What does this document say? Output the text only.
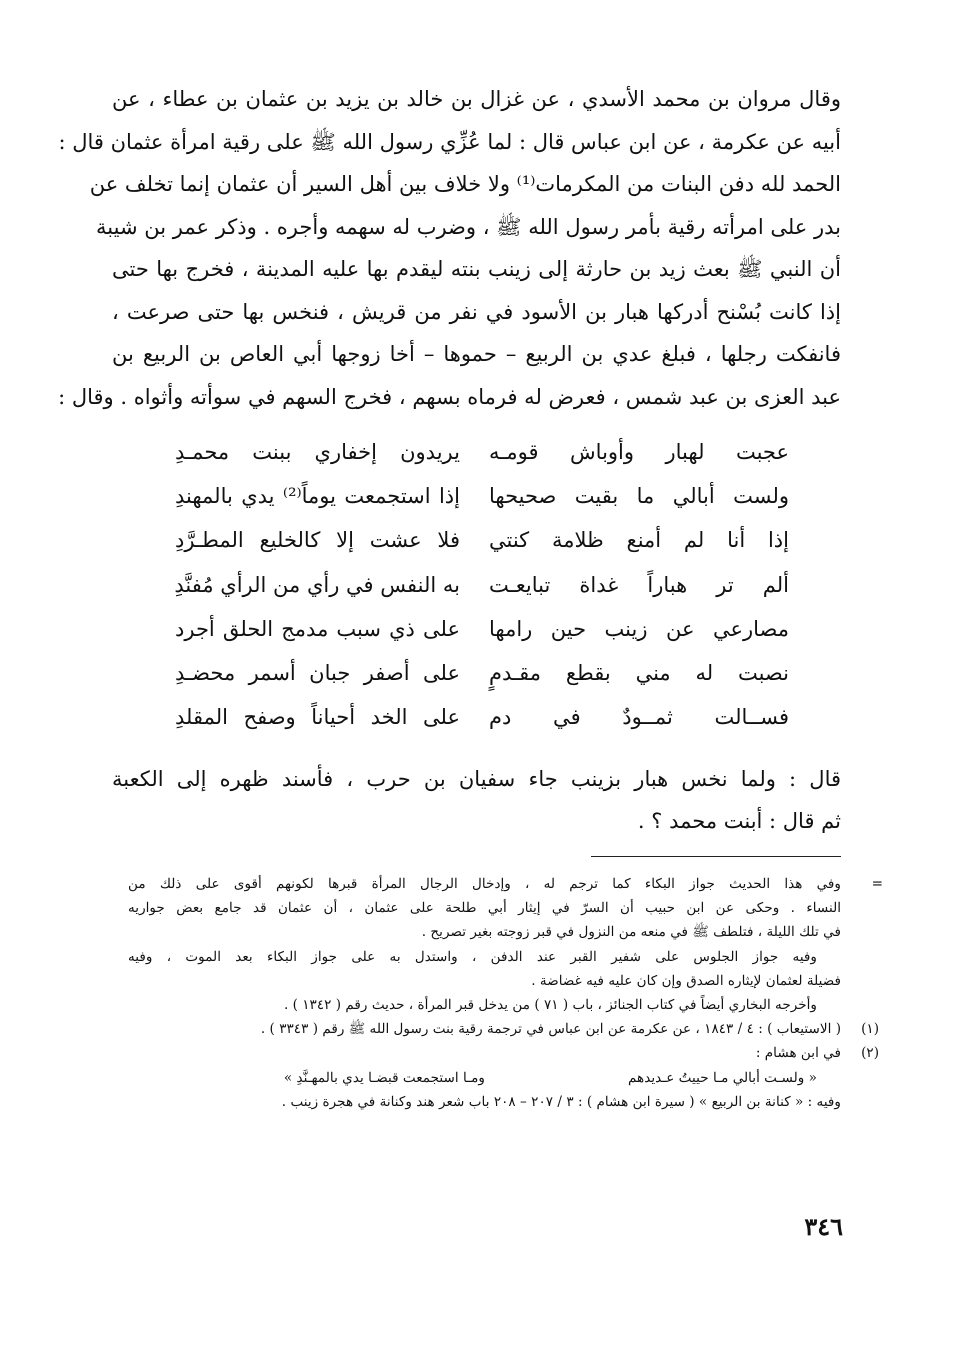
وقال مروان بن محمد الأسدي ، عن غزال بن خالد بن يزيد بن عثمان بن عطاء ، عن
أبيه عن عكرمة ، عن ابن عباس قال : لما عُزِّي رسول الله ﷺ على رقية امرأة عثمان قال :
الحمد لله دفن البنات من المكرمات⁽¹⁾ ولا خلاف بين أهل السير أن عثمان إنما تخلف عن
بدر على امرأته رقية بأمر رسول الله ﷺ ، وضرب له سهمه وأجره . وذكر عمر بن شيبة
أن النبي ﷺ بعث زيد بن حارثة إلى زينب بنته ليقدم بها عليه المدينة ، فخرج بها حتى
إذا كانت بُسْنح أدركها هبار بن الأسود في نفر من قريش ، فنخس بها حتى صرعت ،
فانفكت رجلها ، فبلغ عدي بن الربيع – حموها – أخا زوجها أبي العاص بن الربيع بن
عبد العزى بن عبد شمس ، فعرض له فرماه بسهم ، فخرج السهم في سوأته وأثواه . وقال :
عجبت لهبار وأوباش قومـه
يريدون إخفاري ببنت محمـدِ
ولست أبالي ما بقيت صحيحها
إذا استجمعت يوماً⁽²⁾ يدي بالمهندِ
إذا أنا لم أمنع ظلامة كنتي
فلا عشت إلا كالخليع المطـرَّدِ
ألم تر هباراً غداة تبايعـت
به النفس في رأي من الرأي مُفنَّدِ
مصارعي عن زينب حين رامها
على ذي سبب مدمج الحلق أجرد
نصبت له مني بقطع مقـدمٍ
على أصفر جبان أسمر محضـدِ
فســالت ثمــودٌ في دم
على الخد أحياناً وصفح المقلدِ
قال : ولما نخس هبار بزينب جاء سفيان بن حرب ، فأسند ظهره إلى الكعبة
ثم قال : أبنت محمد ؟ .
=
وفي هذا الحديث جواز البكاء كما ترجم له ، وإدخال الرجال المرأة قبرها لكونهم أقوى على ذلك من
النساء . وحكى عن ابن حبيب أن السرّ في إيثار أبي طلحة على عثمان ، أن عثمان قد جامع بعض جواريه
في تلك الليلة ، فتلطف ﷺ في منعه من النزول في قبر زوجته بغير تصريح .
وفيه جواز الجلوس على شفير القبر عند الدفن ، واستدل به على جواز البكاء بعد الموت ، وفيه
فضيلة لعثمان لإيثاره الصدق وإن كان عليه فيه غضاضة .
وأخرجه البخاري أيضاً في كتاب الجنائز ، باب ( ٧١ ) من يدخل قبر المرأة ، حديث رقم ( ١٣٤٢ ) .
(١)
( الاستيعاب ) : ٤ / ١٨٤٣ ، عن عكرمة عن ابن عباس في ترجمة رقية بنت رسول الله ﷺ رقم ( ٣٣٤٣ ) .
(٢)
في ابن هشام :
« ولسـت أبالي مـا حييتُ عـديدهم
ومـا استجمعت قبضـا يدي بالمهـنَّدِ »
وفيه : « كنانة بن الربيع » ( سيرة ابن هشام ) : ٣ / ٢٠٧ – ٢٠٨ باب شعر هند وكنانة في هجرة زينب .
٣٤٦
